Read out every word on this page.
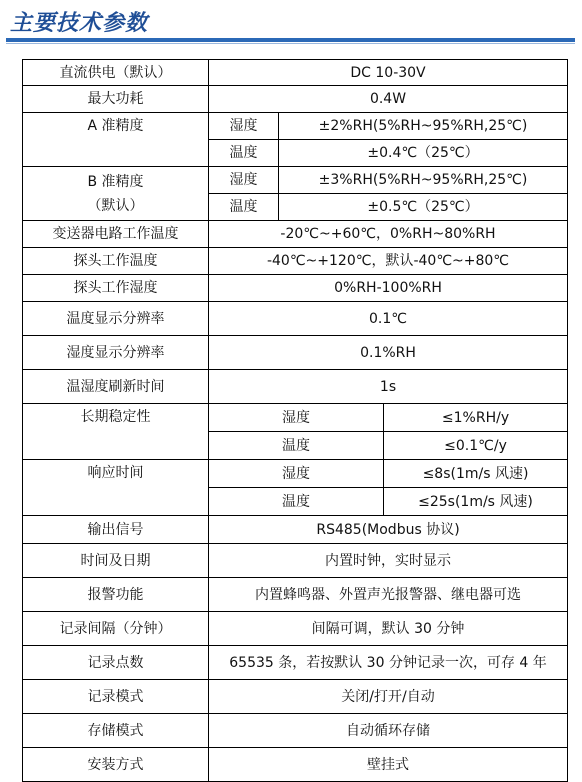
主要技术参数
直流供电（默认）	DC 10-30V		
最大功耗	0.4W		
A 准精度	湿度	±2%RH(5%RH~95%RH,25℃)	
	温度	±0.4℃（25℃）	

B 准精度
（默认）	湿度	±3%RH(5%RH~95%RH,25℃)	
	温度	±0.5℃（25℃）	
变送器电路工作温度	-20℃~+60℃，0%RH~80%RH		
探头工作温度	-40℃~+120℃，默认-40℃~+80℃		
探头工作湿度	0%RH-100%RH		
温度显示分辨率	0.1℃		
湿度显示分辨率	0.1%RH		
温湿度刷新时间	1s		
长期稳定性	湿度		≤1%RH/y
	温度		≤0.1℃/y
响应时间	湿度		≤8s(1m/s 风速)
	温度		≤25s(1m/s 风速)
输出信号	RS485(Modbus 协议)		
时间及日期	内置时钟，实时显示		
报警功能	内置蜂鸣器、外置声光报警器、继电器可选		
记录间隔（分钟）	间隔可调，默认 30 分钟		
记录点数	65535 条，若按默认 30 分钟记录一次，可存 4 年		
记录模式	关闭/打开/自动		
存储模式	自动循环存储		
安装方式	壁挂式		
